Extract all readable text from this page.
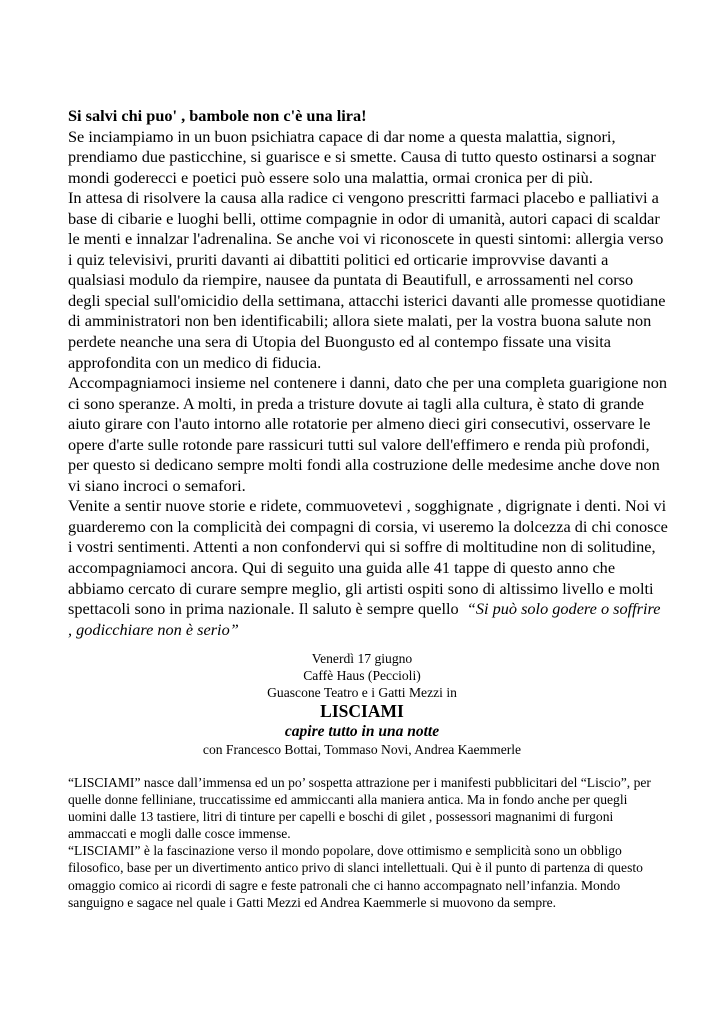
Si salvi chi puo' , bambole non c'è una lira!

Se inciampiamo in un buon psichiatra capace di dar nome a questa malattia, signori, prendiamo due pasticchine, si guarisce e si smette. Causa di tutto questo ostinarsi a sognar mondi goderecci e poetici può essere solo una malattia, ormai cronica per di più.

In attesa di risolvere la causa alla radice ci vengono prescritti farmaci placebo e palliativi a base di cibarie e luoghi belli, ottime compagnie in odor di umanità, autori capaci di scaldar le menti e innalzar l'adrenalina. Se anche voi vi riconoscete in questi sintomi: allergia verso i quiz televisivi, pruriti davanti ai dibattiti politici ed orticarie improvvise davanti a qualsiasi modulo da riempire, nausee da puntata di Beautifull, e arrossamenti nel corso degli special sull'omicidio della settimana, attacchi isterici davanti alle promesse quotidiane di amministratori non ben identificabili; allora siete malati, per la vostra buona salute non perdete neanche una sera di Utopia del Buongusto ed al contempo fissate una visita approfondita con un medico di fiducia.

Accompagniamoci insieme nel contenere i danni, dato che per una completa guarigione non ci sono speranze. A molti, in preda a tristure dovute ai tagli alla cultura, è stato di grande aiuto girare con l'auto intorno alle rotatorie per almeno dieci giri consecutivi, osservare le opere d'arte sulle rotonde pare rassicuri tutti sul valore dell'effimero e renda più profondi, per questo si dedicano sempre molti fondi alla costruzione delle medesime anche dove non vi siano incroci o semafori.

Venite a sentir nuove storie e ridete, commuovetevi , sogghignate , digrignate i denti. Noi vi guarderemo con la complicità dei compagni di corsia, vi useremo la dolcezza di chi conosce i vostri sentimenti. Attenti a non confondervi qui si soffre di moltitudine non di solitudine, accompagniamoci ancora. Qui di seguito una guida alle 41 tappe di questo anno che abbiamo cercato di curare sempre meglio, gli artisti ospiti sono di altissimo livello e molti spettacoli sono in prima nazionale. Il saluto è sempre quello “Si può solo godere o soffrire , godicchiare non è serio”

Venerdì 17 giugno
Caffè Haus (Peccioli)
Guascone Teatro e i Gatti Mezzi in
LISCIAMI
capire tutto in una notte
con Francesco Bottai, Tommaso Novi, Andrea Kaemmerle

“LISCIAMI” nasce dall’immensa ed un po’ sospetta attrazione per i manifesti pubblicitari del “Liscio”, per quelle donne felliniane, truccatissime ed ammiccanti alla maniera antica. Ma in fondo anche per quegli uomini dalle 13 tastiere, litri di tinture per capelli e boschi di gilet , possessori magnanimi di furgoni ammaccati e mogli dalle cosce immense.

“LISCIAMI” è la fascinazione verso il mondo popolare, dove ottimismo e semplicità sono un obbligo filosofico, base per un divertimento antico privo di slanci intellettuali. Qui è il punto di partenza di questo omaggio comico ai ricordi di sagre e feste patronali che ci hanno accompagnato nell’infanzia. Mondo sanguigno e sagace nel quale i Gatti Mezzi ed Andrea Kaemmerle si muovono da sempre.
